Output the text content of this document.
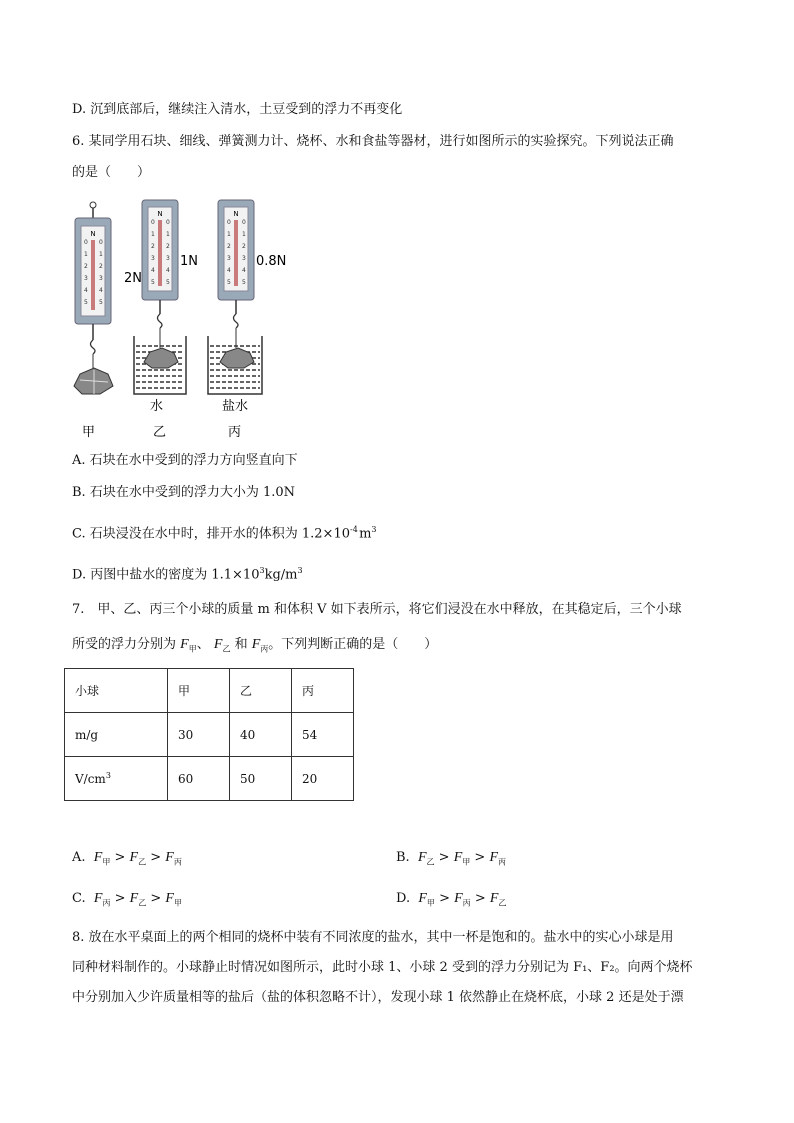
D. 沉到底部后，继续注入清水，土豆受到的浮力不再变化
6. 某同学用石块、细线、弹簧测力计、烧杯、水和食盐等器材，进行如图所示的实验探究。下列说法正确
的是（　　）
N
0
1
2
3
4
5
0
1
2
3
4
5
2N
甲
N
0
1
2
3
4
5
0
1
2
3
4
5
1N
水
乙
N
0
1
2
3
4
5
0
1
2
3
4
5
0.8N
盐水
丙
A. 石块在水中受到的浮力方向竖直向下
B. 石块在水中受到的浮力大小为 1.0N
C. 石块浸没在水中时，排开水的体积为 $1.2\times 10^{-4}$ $m^3$
D. 丙图中盐水的密度为 $1.1\times 10^3kg/m^3$
7.　甲、乙、丙三个小球的质量 m 和体积 V 如下表所示，将它们浸没在水中释放，在其稳定后，三个小球
所受的浮力分别为 $F_甲$、 $F_乙$ 和 $F_丙$。下列判断正确的是（　　）
小球	甲	乙	丙
m/g	30	40	54
$V/cm^3$	60	50	20
A. $F_甲 > F_乙 > F_丙$	B. $F_乙 > F_甲 > F_丙$
C. $F_丙 > F_乙 > F_甲$	D. $F_甲 > F_丙 > F_乙$
8. 放在水平桌面上的两个相同的烧杯中装有不同浓度的盐水，其中一杯是饱和的。盐水中的实心小球是用
同种材料制作的。小球静止时情况如图所示，此时小球 1、小球 2 受到的浮力分别记为 F₁、F₂。向两个烧杯
中分别加入少许质量相等的盐后（盐的体积忽略不计），发现小球 1 依然静止在烧杯底，小球 2 还是处于漂
